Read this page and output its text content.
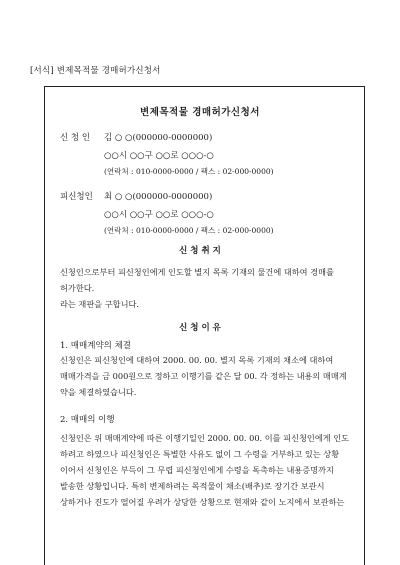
[서식] 변제목적물 경매허가신청서
변제목적물 경매허가신청서
신 청 인 김 ○ ○(000000-0000000)
○○시 ○○구 ○○로 ○○○-○
(연락처 : 010-0000-0000 / 팩스 : 02-000-0000)
피신청인 최 ○ ○(000000-0000000)
○○시 ○○구 ○○로 ○○○-○
(연락처 : 010-0000-0000 / 팩스 : 02-000-0000)
신 청 취 지
신청인으로부터 피신청인에게 인도할 별지 목록 기재의 물건에 대하여 경매를
허가한다.
라는 재판을 구합니다.
신 청 이 유
1. 매매계약의 체결
신청인은 피신청인에 대하여 2000. 00. 00. 별지 목록 기재의 채소에 대하여
매매가격을 금 000원으로 정하고 이행기를 같은 달 00. 각 정하는 내용의 매매계
약을 체결하였습니다.
2. 매매의 이행
신청인은 위 매매계약에 따른 이행기일인 2000. 00. 00. 이를 피신청인에게 인도
하려고 하였으나 피신청인은 특별한 사유도 없이 그 수령을 거부하고 있는 상황
이어서 신청인은 부득이 그 무렵 피신청인에게 수령을 독촉하는 내용증명까지
발송한 상황입니다. 특히 변제하려는 목적물이 채소(배추)로 장기간 보관시
상하거나 진도가 떨어질 우려가 상당한 상황으로 현재와 같이 노지에서 보관하는
